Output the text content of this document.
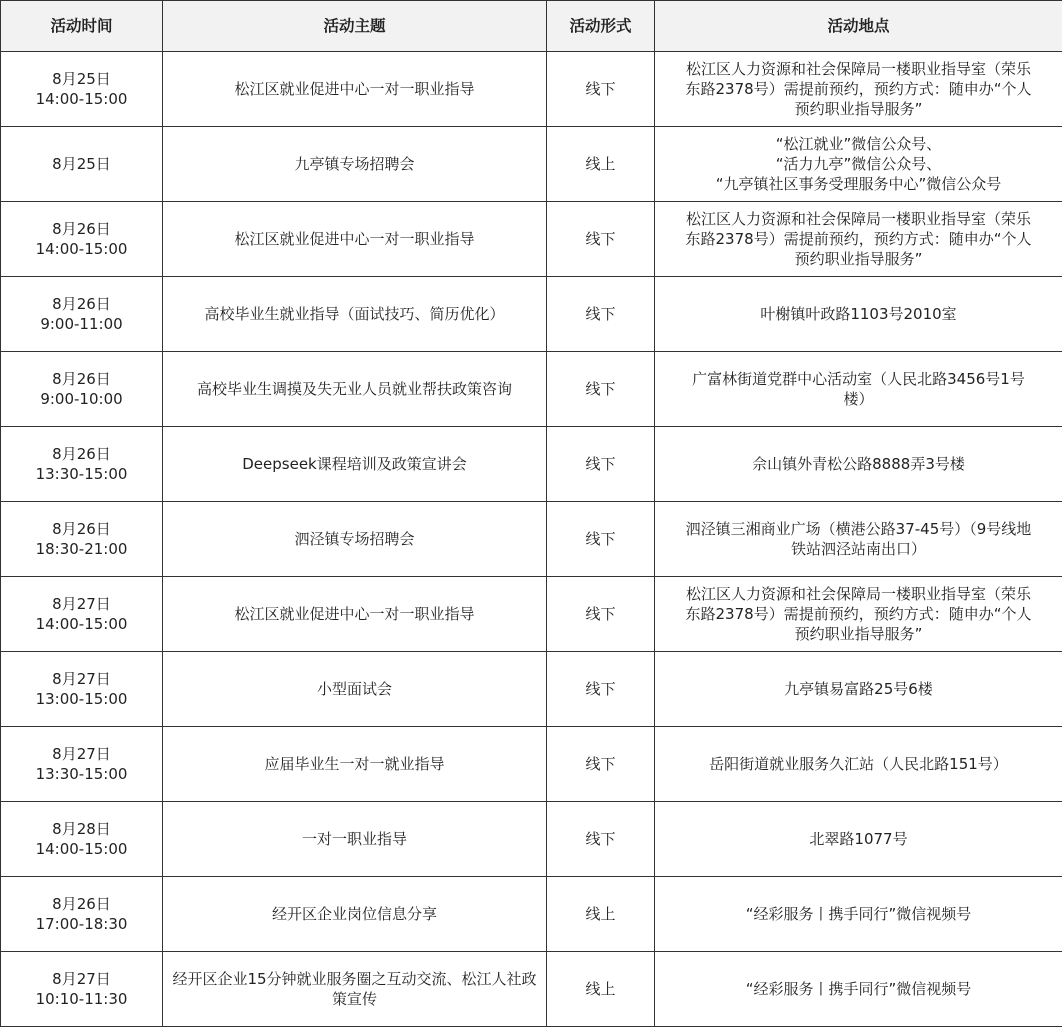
活动时间	活动主题	活动形式	活动地点

8月25日
14:00-15:00	松江区就业促进中心一对一职业指导	线下	松江区人力资源和社会保障局一楼职业指导室（荣乐
东路2378号）需提前预约，预约方式：随申办“个人
预约职业指导服务”

8月25日	九亭镇专场招聘会	线上	“松江就业”微信公众号、
“活力九亭”微信公众号、
“九亭镇社区事务受理服务中心”微信公众号

8月26日
14:00-15:00	松江区就业促进中心一对一职业指导	线下	松江区人力资源和社会保障局一楼职业指导室（荣乐
东路2378号）需提前预约，预约方式：随申办“个人
预约职业指导服务”

8月26日
9:00-11:00	高校毕业生就业指导（面试技巧、简历优化）	线下	叶榭镇叶政路1103号2010室

8月26日
9:00-10:00	高校毕业生调摸及失无业人员就业帮扶政策咨询	线下	广富林街道党群中心活动室（人民北路3456号1号
楼）

8月26日
13:30-15:00	Deepseek课程培训及政策宣讲会	线下	佘山镇外青松公路8888弄3号楼

8月26日
18:30-21:00	泗泾镇专场招聘会	线下	泗泾镇三湘商业广场（横港公路37-45号）（9号线地
铁站泗泾站南出口）

8月27日
14:00-15:00	松江区就业促进中心一对一职业指导	线下	松江区人力资源和社会保障局一楼职业指导室（荣乐
东路2378号）需提前预约，预约方式：随申办“个人
预约职业指导服务”

8月27日
13:00-15:00	小型面试会	线下	九亭镇易富路25号6楼

8月27日
13:30-15:00	应届毕业生一对一就业指导	线下	岳阳街道就业服务久汇站（人民北路151号）

8月28日
14:00-15:00	一对一职业指导	线下	北翠路1077号

8月26日
17:00-18:30	经开区企业岗位信息分享	线上	“经彩服务丨携手同行”微信视频号

8月27日
10:10-11:30	经开区企业15分钟就业服务圈之互动交流、松江人社政策宣传	线上	“经彩服务丨携手同行”微信视频号
